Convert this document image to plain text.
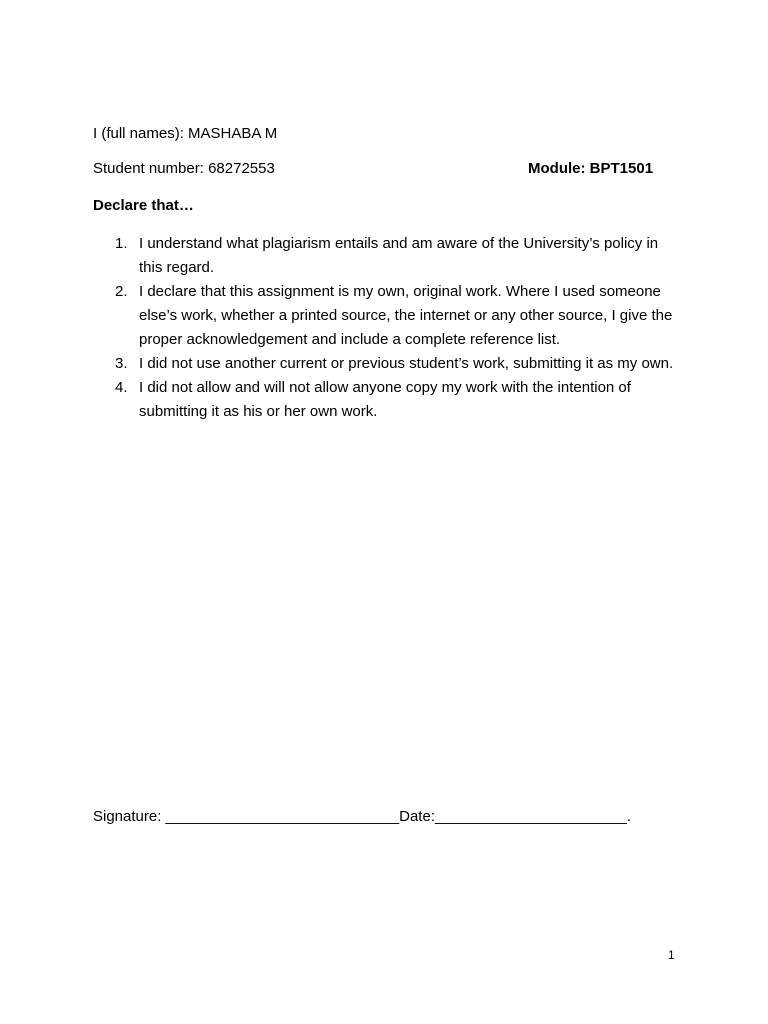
I (full names): MASHABA M
Student number: 68272553	Module: BPT1501
Declare that…
1. I understand what plagiarism entails and am aware of the University’s policy in this regard.
2. I declare that this assignment is my own, original work. Where I used someone else’s work, whether a printed source, the internet or any other source, I give the proper acknowledgement and include a complete reference list.
3. I did not use another current or previous student’s work, submitting it as my own.
4. I did not allow and will not allow anyone copy my work with the intention of submitting it as his or her own work.
Signature: ____________________________Date:_______________________.
1
